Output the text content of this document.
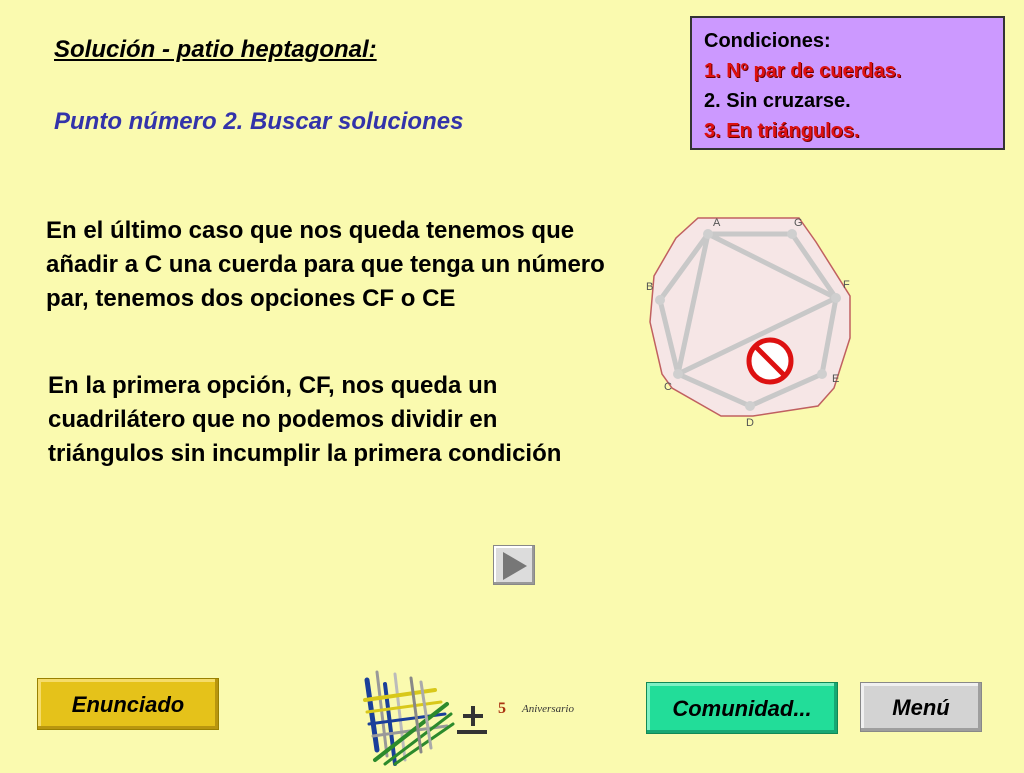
Solución - patio heptagonal:
Punto número 2. Buscar soluciones
Condiciones:
1. Nº par de cuerdas.
2. Sin cruzarse.
3. En triángulos.
En el último caso que nos queda tenemos que añadir a C una cuerda para que tenga un número par, tenemos dos opciones CF o CE
En la primera opción, CF, nos queda un cuadrilátero que no podemos dividir en triángulos sin incumplir la primera condición
A	G
F
E
D
C
B
Enunciado	5 Aniversario	Comunidad...	Menú
